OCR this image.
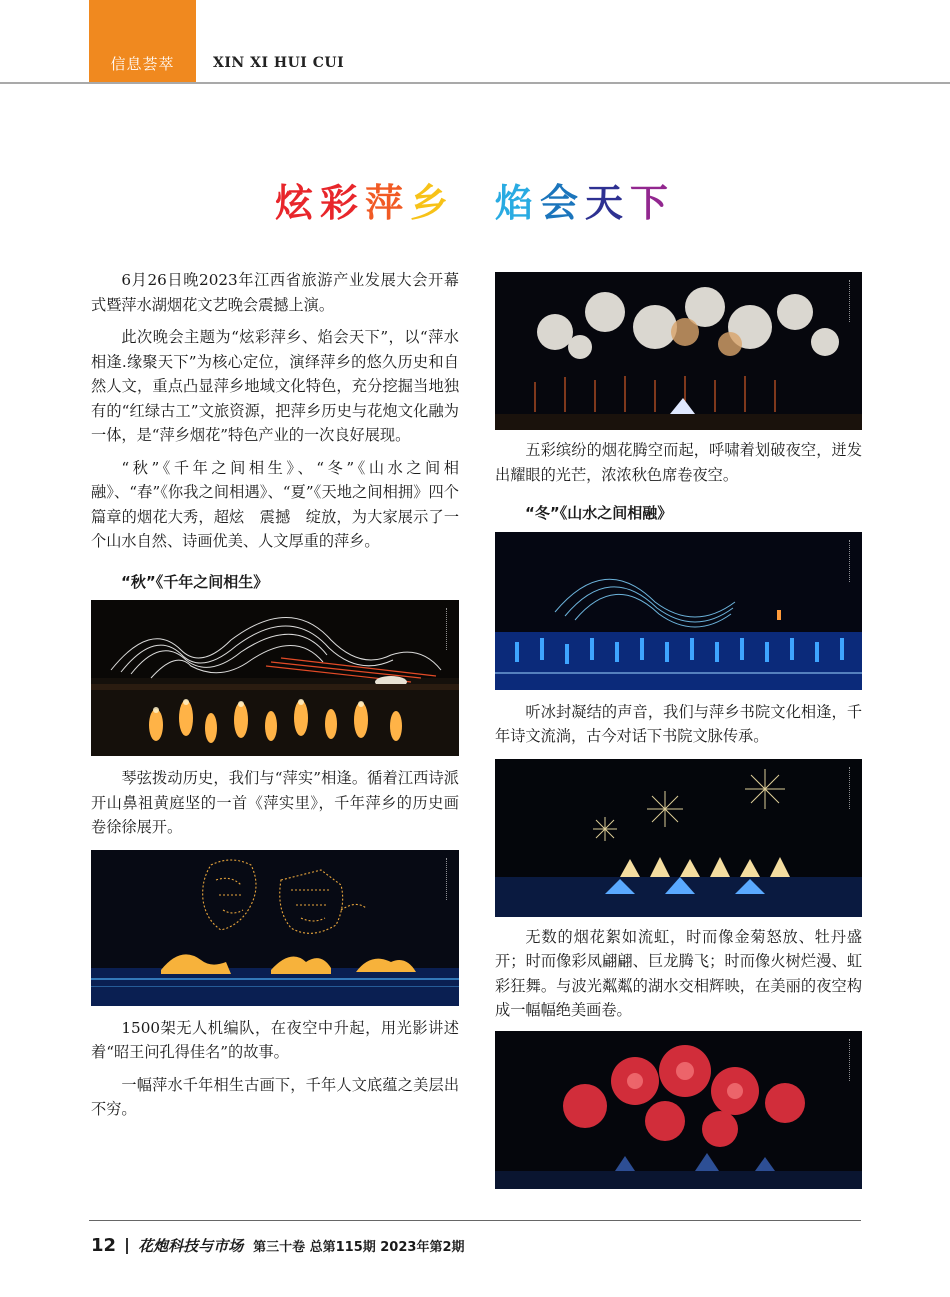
信息荟萃	XIN XI HUI CUI
炫彩萍乡 焰会天下

6月26日晚2023年江西省旅游产业发展大会开幕式暨萍水湖烟花文艺晚会震撼上演。

此次晚会主题为“炫彩萍乡、焰会天下”，以“萍水相逢.缘聚天下”为核心定位，演绎萍乡的悠久历史和自然人文，重点凸显萍乡地域文化特色，充分挖掘当地独有的“红绿古工”文旅资源，把萍乡历史与花炮文化融为一体，是“萍乡烟花”特色产业的一次良好展现。

“秋”《千年之间相生》、“冬”《山水之间相融》、“春”《你我之间相遇》、“夏”《天地之间相拥》四个篇章的烟花大秀，超炫　震撼　绽放，为大家展示了一个山水自然、诗画优美、人文厚重的萍乡。

“秋”《千年之间相生》

琴弦拨动历史，我们与“萍实”相逢。循着江西诗派开山鼻祖黄庭坚的一首《萍实里》，千年萍乡的历史画卷徐徐展开。

1500架无人机编队，在夜空中升起，用光影讲述着“昭王问孔得佳名”的故事。

一幅萍水千年相生古画下，千年人文底蕴之美层出不穷。

五彩缤纷的烟花腾空而起，呼啸着划破夜空，迸发出耀眼的光芒，浓浓秋色席卷夜空。

“冬”《山水之间相融》

听冰封凝结的声音，我们与萍乡书院文化相逢，千年诗文流淌，古今对话下书院文脉传承。

无数的烟花絮如流虹，时而像金菊怒放、牡丹盛开；时而像彩凤翩翩、巨龙腾飞；时而像火树烂漫、虹彩狂舞。与波光粼粼的湖水交相辉映，在美丽的夜空构成一幅幅绝美画卷。

12 花炮科技与市场 第三十卷 总第115期 2023年第2期
